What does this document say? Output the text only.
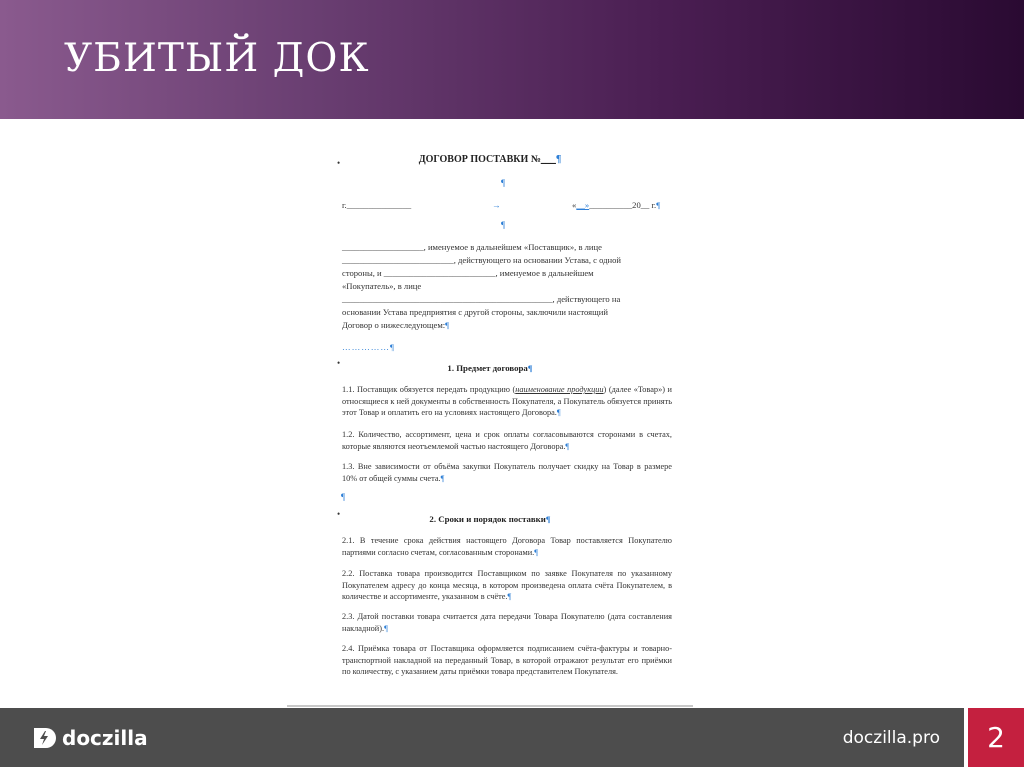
УБИТЫЙ ДОК
•	ДОГОВОР ПОСТАВКИ №___¶
¶
г._______________	→	«__»__________20__ г.¶
¶
___________________, именуемое в дальнейшем «Поставщик», в лице
__________________________, действующего на основании Устава, с одной
стороны, и __________________________, именуемое в дальнейшем
«Покупатель», в лице
_________________________________________________, действующего на
основании Устава предприятия с другой стороны, заключили настоящий
Договор о нижеследующем:¶
……………¶
•	1. Предмет договора¶
1.1. Поставщик обязуется передать продукцию (наименование продукции) (далее «Товар») и относящиеся к ней документы в собственность Покупателя, а Покупатель обязуется принять этот Товар и оплатить его на условиях настоящего Договора.¶
1.2. Количество, ассортимент, цена и срок оплаты согласовываются сторонами в счетах, которые являются неотъемлемой частью настоящего Договора.¶
1.3. Вне зависимости от объёма закупки Покупатель получает скидку на Товар в размере 10% от общей суммы счета.¶
¶
•	2. Сроки и порядок поставки¶
2.1. В течение срока действия настоящего Договора Товар поставляется Покупателю партиями согласно счетам, согласованным сторонами.¶
2.2. Поставка товара производится Поставщиком по заявке Покупателя по указанному Покупателем адресу до конца месяца, в котором произведена оплата счёта Покупателем, в количестве и ассортименте, указанном в счёте.¶
2.3. Датой поставки товара считается дата передачи Товара Покупателю (дата составления накладной).¶
2.4. Приёмка товара от Поставщика оформляется подписанием счёта-фактуры и товарно-транспортной накладной на переданный Товар, в которой отражают результат его приёмки по количеству, с указанием даты приёмки товара представителем Покупателя.
doczilla	doczilla.pro	2
